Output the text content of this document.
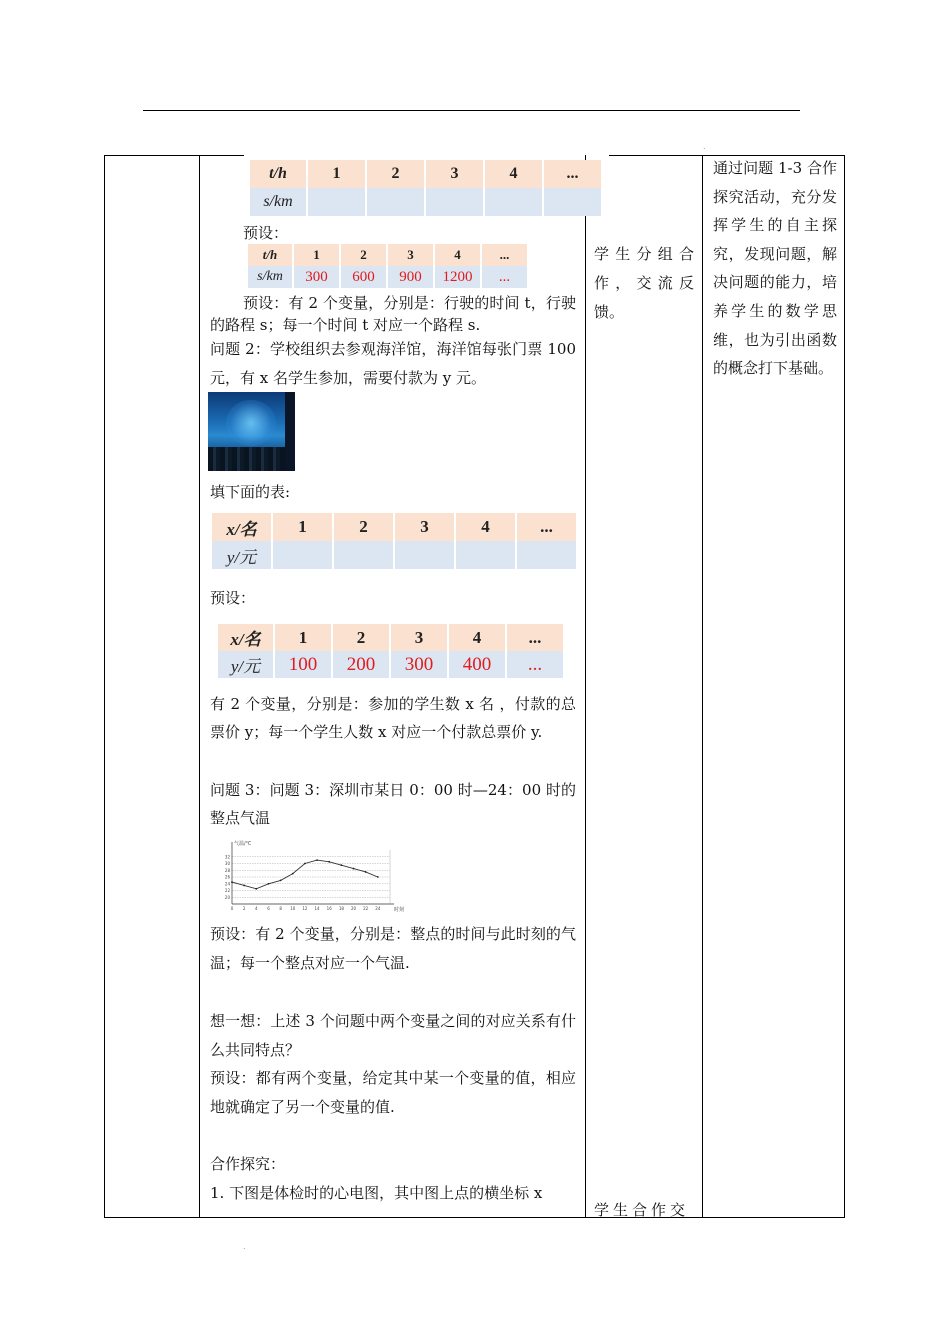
.
.
t/h	1	2	3	4	...
s/km					

预设：

t/h	1	2	3	4	...
s/km	300	600	900	1200	...

预设：有 2 个变量，分别是：行驶的时间 t，行驶的路程 s；每一个时间 t 对应一个路程 s.

问题 2：学校组织去参观海洋馆，海洋馆每张门票 100 元，有 x 名学生参加，需要付款为 y 元。

填下面的表:

x/名	1	2	3	4	...
y/元					

预设：

x/名	1	2	3	4	...
y/元	100	200	300	400	...

有 2 个变量，分别是：参加的学生数 x 名 ，付款的总票价 y；每一个学生人数 x 对应一个付款总票价 y.

问题 3：问题 3：深圳市某日 0：00 时—24：00 时的整点气温

20
22
24
26
28
30
32
0 2 4 6 8 10 12 14 16 18 20 22 24
气温/℃
时刻

预设：有 2 个变量，分别是：整点的时间与此时刻的气温；每一个整点对应一个气温.

想一想：上述 3 个问题中两个变量之间的对应关系有什么共同特点？

预设：都有两个变量，给定其中某一个变量的值，相应地就确定了另一个变量的值.

合作探究：

1. 下图是体检时的心电图，其中图上点的横坐标 x

学生分组合作，交流反馈。

学生合作交

通过问题 1-3 合作探究活动，充分发挥学生的自主探究，发现问题，解决问题的能力，培养学生的数学思维，也为引出函数的概念打下基础。
